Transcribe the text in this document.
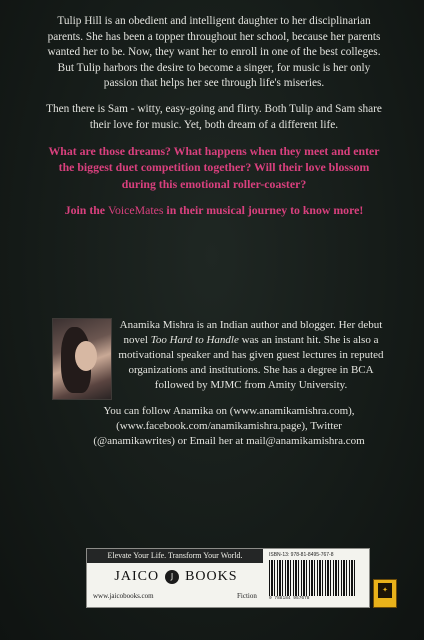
Tulip Hill is an obedient and intelligent daughter to her disciplinarian parents. She has been a topper throughout her school, because her parents wanted her to be. Now, they want her to enroll in one of the best colleges. But Tulip harbors the desire to become a singer, for music is her only passion that helps her see through life's miseries.

Then there is Sam - witty, easy-going and flirty. Both Tulip and Sam share their love for music. Yet, both dream of a different life.

What are those dreams? What happens when they meet and enter the biggest duet competition together? Will their love blossom during this emotional roller-coaster?

Join the VoiceMates in their musical journey to know more!

Anamika Mishra is an Indian author and blogger. Her debut novel Too Hard to Handle was an instant hit. She is also a motivational speaker and has given guest lectures in reputed organizations and institutions. She has a degree in BCA followed by MJMC from Amity University.

You can follow Anamika on (www.anamikamishra.com), (www.facebook.com/anamikamishra.page), Twitter (@anamikawrites) or Email her at mail@anamikamishra.com
Elevate Your Life. Transform Your World.
JAICO	J BOOKS
www.jaicobooks.com	Fiction
ISBN-13: 978-81-8495-767-8
9 788184 957678
✦
